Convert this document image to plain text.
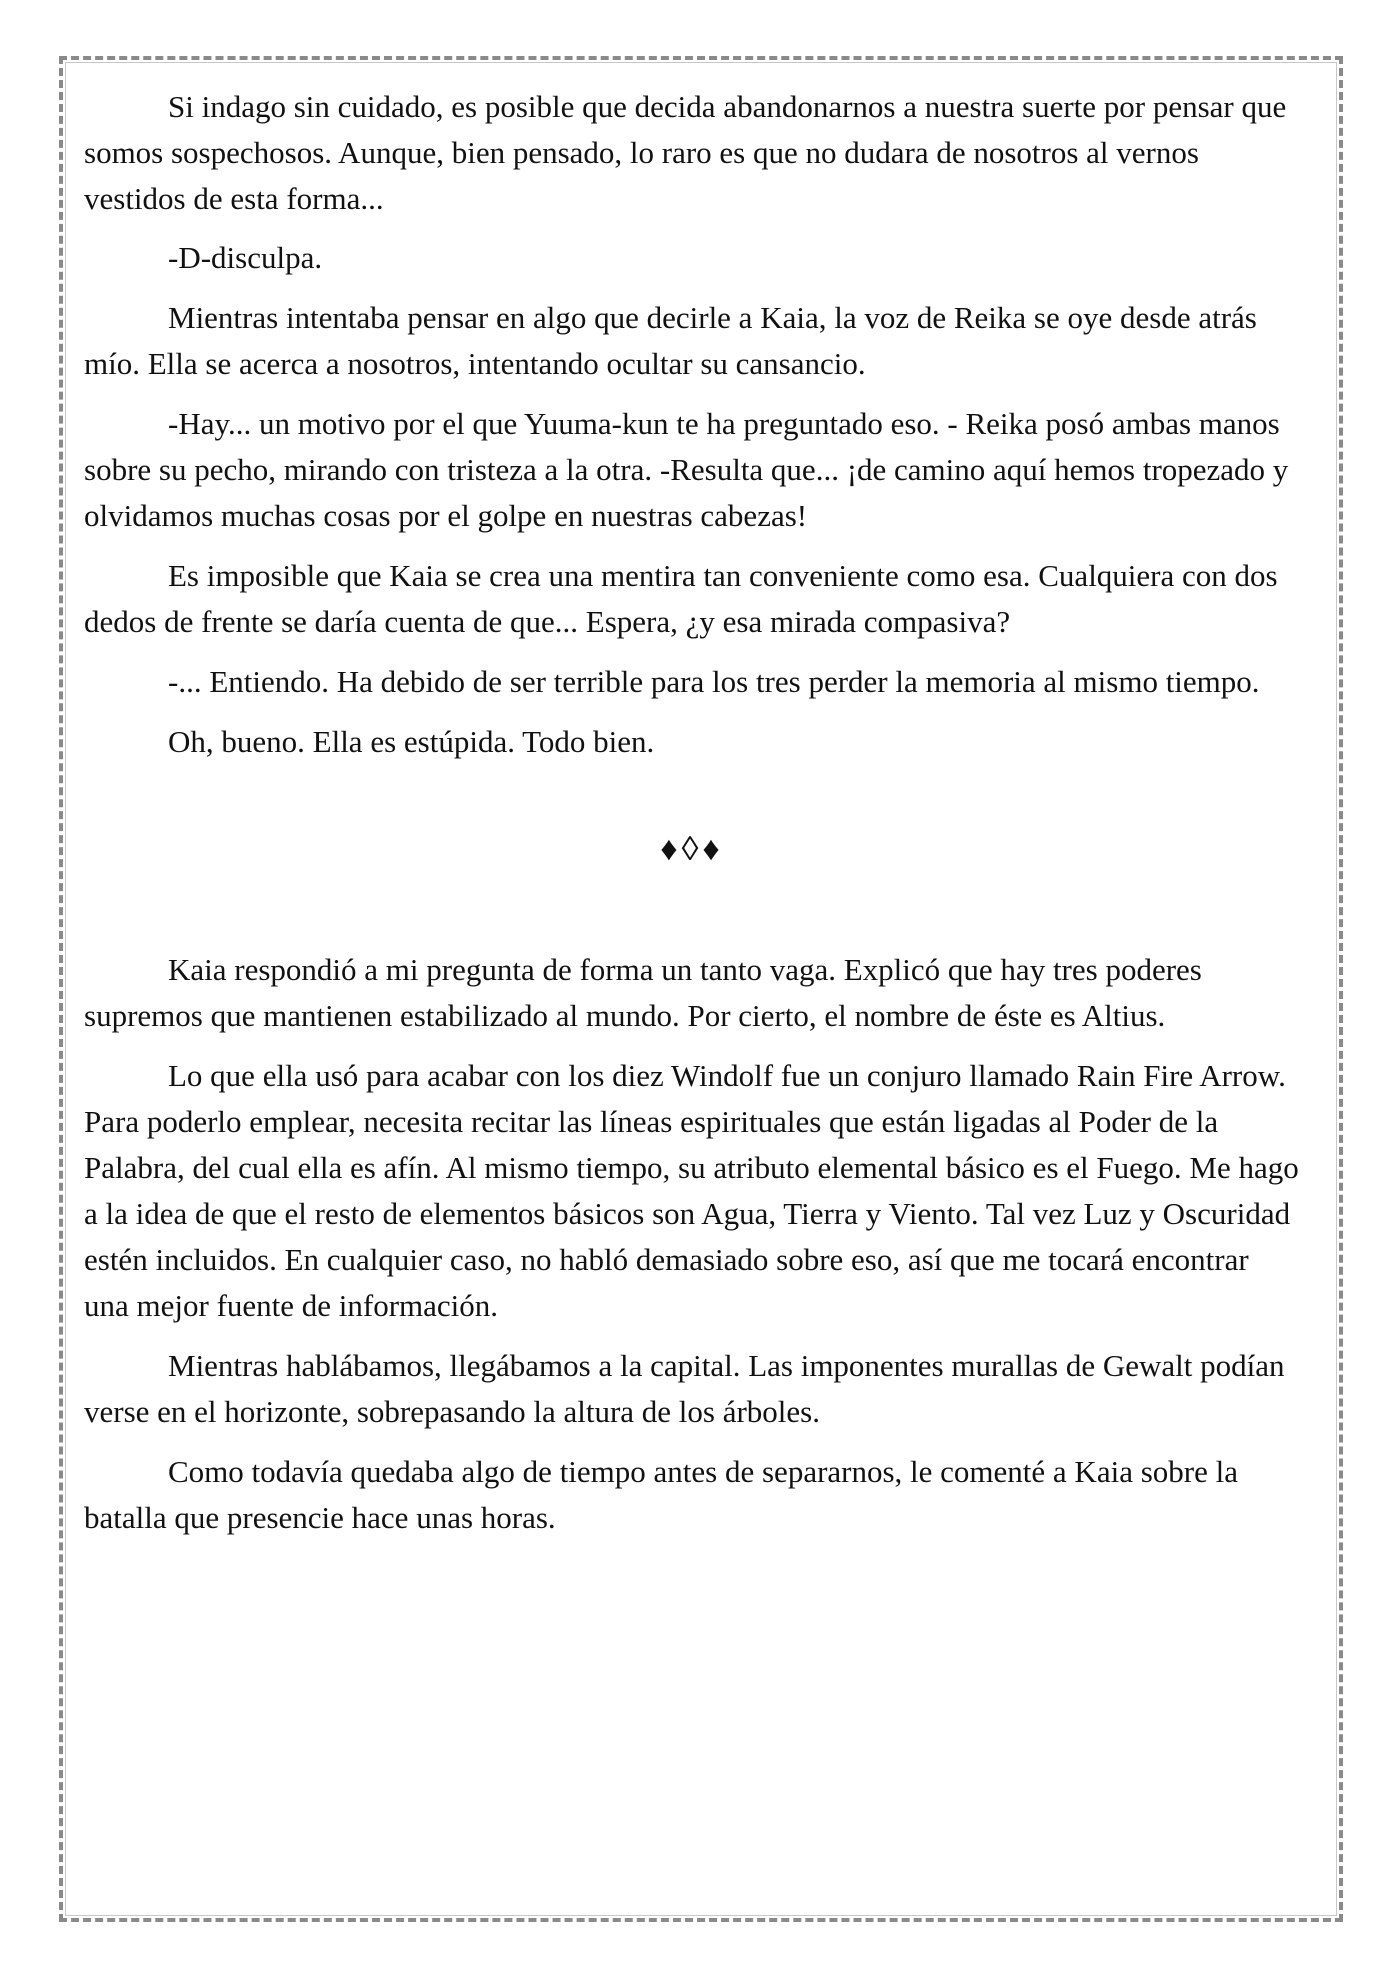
Si indago sin cuidado, es posible que decida abandonarnos a nuestra suerte por pensar que somos sospechosos. Aunque, bien pensado, lo raro es que no dudara de nosotros al vernos vestidos de esta forma...

-D-disculpa.

Mientras intentaba pensar en algo que decirle a Kaia, la voz de Reika se oye desde atrás mío. Ella se acerca a nosotros, intentando ocultar su cansancio.

-Hay... un motivo por el que Yuuma-kun te ha preguntado eso. - Reika posó ambas manos sobre su pecho, mirando con tristeza a la otra. -Resulta que... ¡de camino aquí hemos tropezado y olvidamos muchas cosas por el golpe en nuestras cabezas!

Es imposible que Kaia se crea una mentira tan conveniente como esa. Cualquiera con dos dedos de frente se daría cuenta de que... Espera, ¿y esa mirada compasiva?

-... Entiendo. Ha debido de ser terrible para los tres perder la memoria al mismo tiempo.

Oh, bueno. Ella es estúpida. Todo bien.

♦◊♦

Kaia respondió a mi pregunta de forma un tanto vaga. Explicó que hay tres poderes supremos que mantienen estabilizado al mundo. Por cierto, el nombre de éste es Altius.

Lo que ella usó para acabar con los diez Windolf fue un conjuro llamado Rain Fire Arrow. Para poderlo emplear, necesita recitar las líneas espirituales que están ligadas al Poder de la Palabra, del cual ella es afín. Al mismo tiempo, su atributo elemental básico es el Fuego. Me hago a la idea de que el resto de elementos básicos son Agua, Tierra y Viento. Tal vez Luz y Oscuridad estén incluidos. En cualquier caso, no habló demasiado sobre eso, así que me tocará encontrar una mejor fuente de información.

Mientras hablábamos, llegábamos a la capital. Las imponentes murallas de Gewalt podían verse en el horizonte, sobrepasando la altura de los árboles.

Como todavía quedaba algo de tiempo antes de separarnos, le comenté a Kaia sobre la batalla que presencie hace unas horas.
